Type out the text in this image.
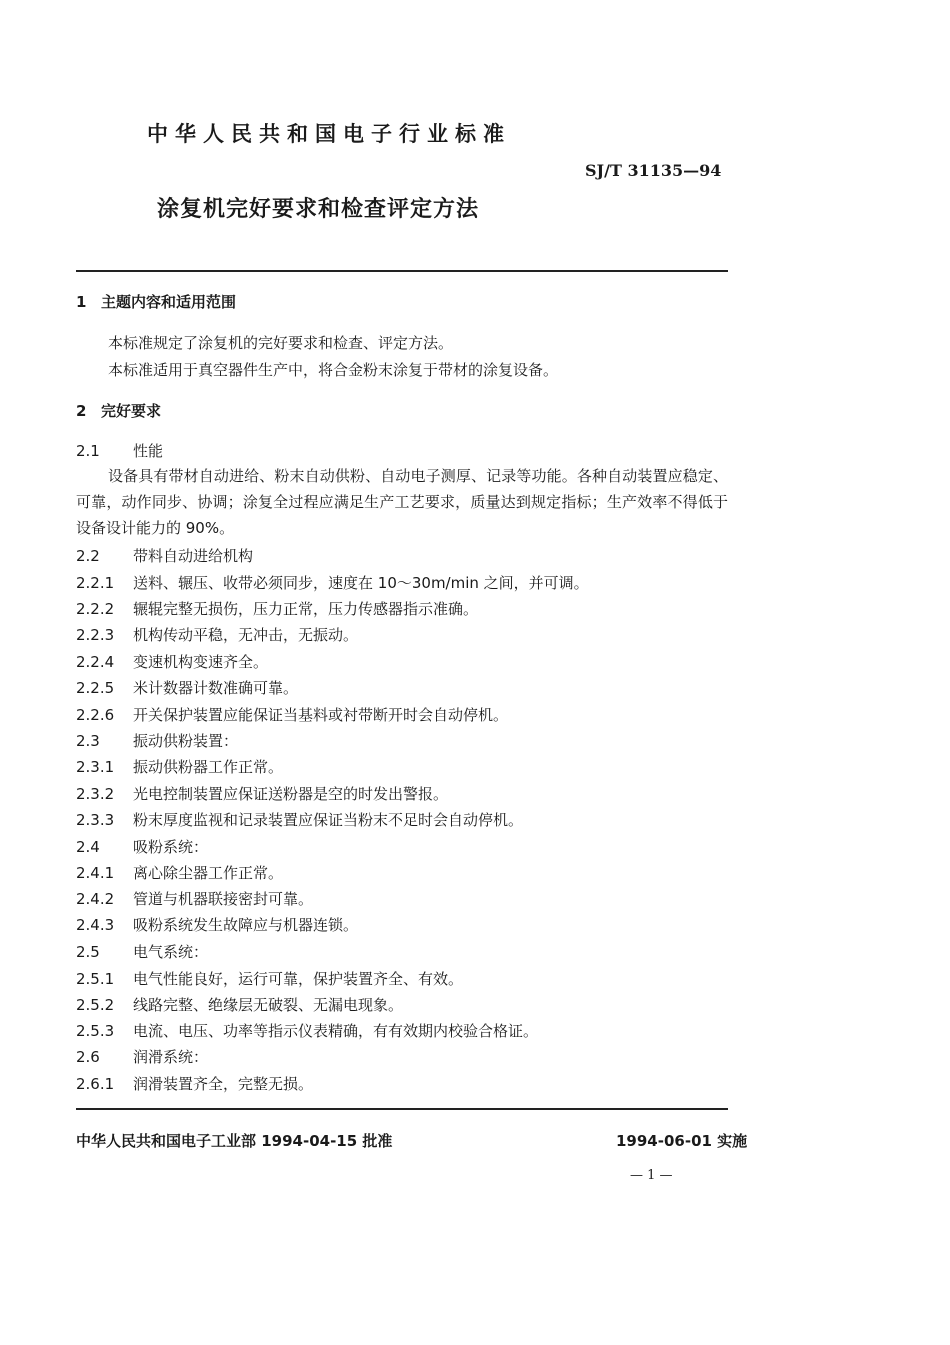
中华人民共和国电子行业标准
SJ/T 31135—94
涂复机完好要求和检查评定方法
1 主题内容和适用范围
本标准规定了涂复机的完好要求和检查、评定方法。
本标准适用于真空器件生产中，将合金粉末涂复于带材的涂复设备。
2 完好要求
2.1 性能

设备具有带材自动进给、粉末自动供粉、自动电子测厚、记录等功能。各种自动装置应稳定、可靠，动作同步、协调；涂复全过程应满足生产工艺要求，质量达到规定指标；生产效率不得低于设备设计能力的 90%。

2.2 带料自动进给机构
2.2.1 送料、辗压、收带必须同步，速度在 10～30m/min 之间，并可调。
2.2.2 辗辊完整无损伤，压力正常，压力传感器指示准确。
2.2.3 机构传动平稳，无冲击，无振动。
2.2.4 变速机构变速齐全。
2.2.5 米计数器计数准确可靠。
2.2.6 开关保护装置应能保证当基料或衬带断开时会自动停机。
2.3 振动供粉装置：
2.3.1 振动供粉器工作正常。
2.3.2 光电控制装置应保证送粉器是空的时发出警报。
2.3.3 粉末厚度监视和记录装置应保证当粉末不足时会自动停机。
2.4 吸粉系统：
2.4.1 离心除尘器工作正常。
2.4.2 管道与机器联接密封可靠。
2.4.3 吸粉系统发生故障应与机器连锁。
2.5 电气系统：
2.5.1 电气性能良好，运行可靠，保护装置齐全、有效。
2.5.2 线路完整、绝缘层无破裂、无漏电现象。
2.5.3 电流、电压、功率等指示仪表精确，有有效期内校验合格证。
2.6 润滑系统：
2.6.1 润滑装置齐全，完整无损。
中华人民共和国电子工业部 1994-04-15 批准	1994-06-01 实施
— 1 —
